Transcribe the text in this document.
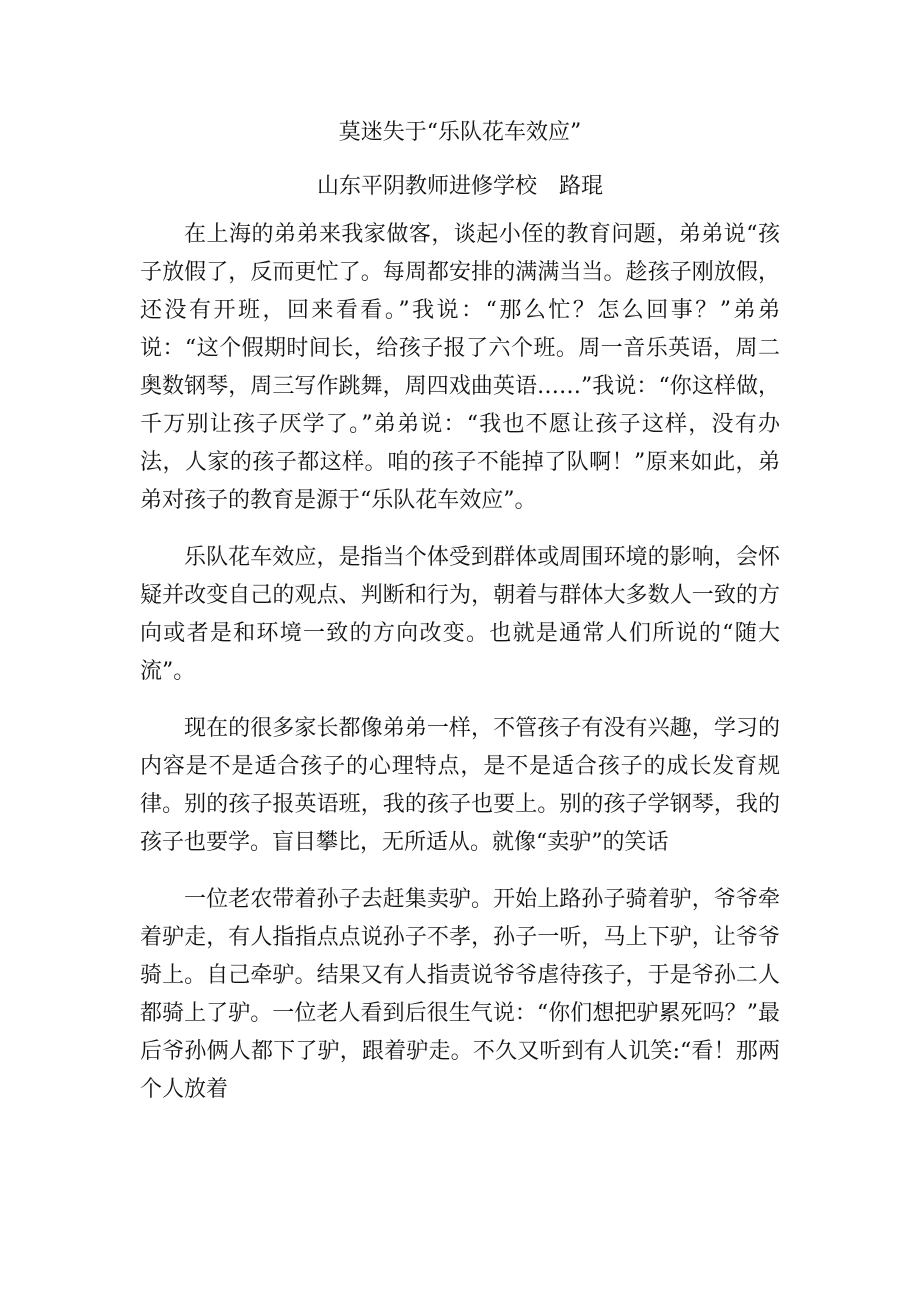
莫迷失于“乐队花车效应”
山东平阴教师进修学校　路琨

在上海的弟弟来我家做客，谈起小侄的教育问题，弟弟说“孩子放假了，反而更忙了。每周都安排的满满当当。趁孩子刚放假，还没有开班，回来看看。”我说：“那么忙？怎么回事？”弟弟说：“这个假期时间长，给孩子报了六个班。周一音乐英语，周二奥数钢琴，周三写作跳舞，周四戏曲英语……”我说：“你这样做，千万别让孩子厌学了。”弟弟说：“我也不愿让孩子这样，没有办法，人家的孩子都这样。咱的孩子不能掉了队啊！”原来如此，弟弟对孩子的教育是源于“乐队花车效应”。

乐队花车效应，是指当个体受到群体或周围环境的影响，会怀疑并改变自己的观点、判断和行为，朝着与群体大多数人一致的方向或者是和环境一致的方向改变。也就是通常人们所说的“随大流”。

现在的很多家长都像弟弟一样，不管孩子有没有兴趣，学习的内容是不是适合孩子的心理特点，是不是适合孩子的成长发育规律。别的孩子报英语班，我的孩子也要上。别的孩子学钢琴，我的孩子也要学。盲目攀比，无所适从。就像“卖驴”的笑话

一位老农带着孙子去赶集卖驴。开始上路孙子骑着驴，爷爷牵着驴走，有人指指点点说孙子不孝，孙子一听，马上下驴，让爷爷骑上。自己牵驴。结果又有人指责说爷爷虐待孩子，于是爷孙二人都骑上了驴。一位老人看到后很生气说：“你们想把驴累死吗？”最后爷孙俩人都下了驴，跟着驴走。不久又听到有人讥笑:“看！那两个人放着
